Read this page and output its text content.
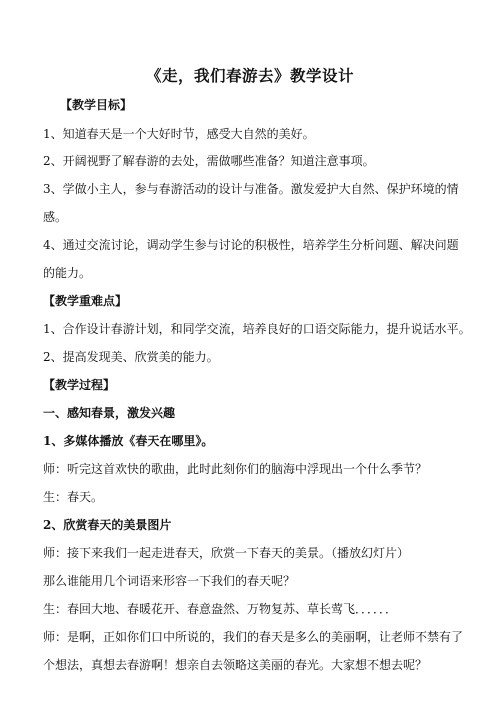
《走，我们春游去》教学设计
【教学目标】
1、知道春天是一个大好时节，感受大自然的美好。
2、开阔视野了解春游的去处，需做哪些准备？知道注意事项。
3、学做小主人，参与春游活动的设计与准备。激发爱护大自然、保护环境的情
感。
4、通过交流讨论，调动学生参与讨论的积极性，培养学生分析问题、解决问题
的能力。
【教学重难点】
1、合作设计春游计划，和同学交流，培养良好的口语交际能力，提升说话水平。
2、提高发现美、欣赏美的能力。
【教学过程】
一、感知春景，激发兴趣
1、多媒体播放《春天在哪里》。
师：听完这首欢快的歌曲，此时此刻你们的脑海中浮现出一个什么季节？
生：春天。
2、欣赏春天的美景图片
师：接下来我们一起走进春天，欣赏一下春天的美景。（播放幻灯片）
那么谁能用几个词语来形容一下我们的春天呢？
生：春回大地、春暖花开、春意盎然、万物复苏、草长莺飞．．．．．．
师：是啊，正如你们口中所说的，我们的春天是多么的美丽啊，让老师不禁有了
个想法，真想去春游啊！想亲自去领略这美丽的春光。大家想不想去呢？
